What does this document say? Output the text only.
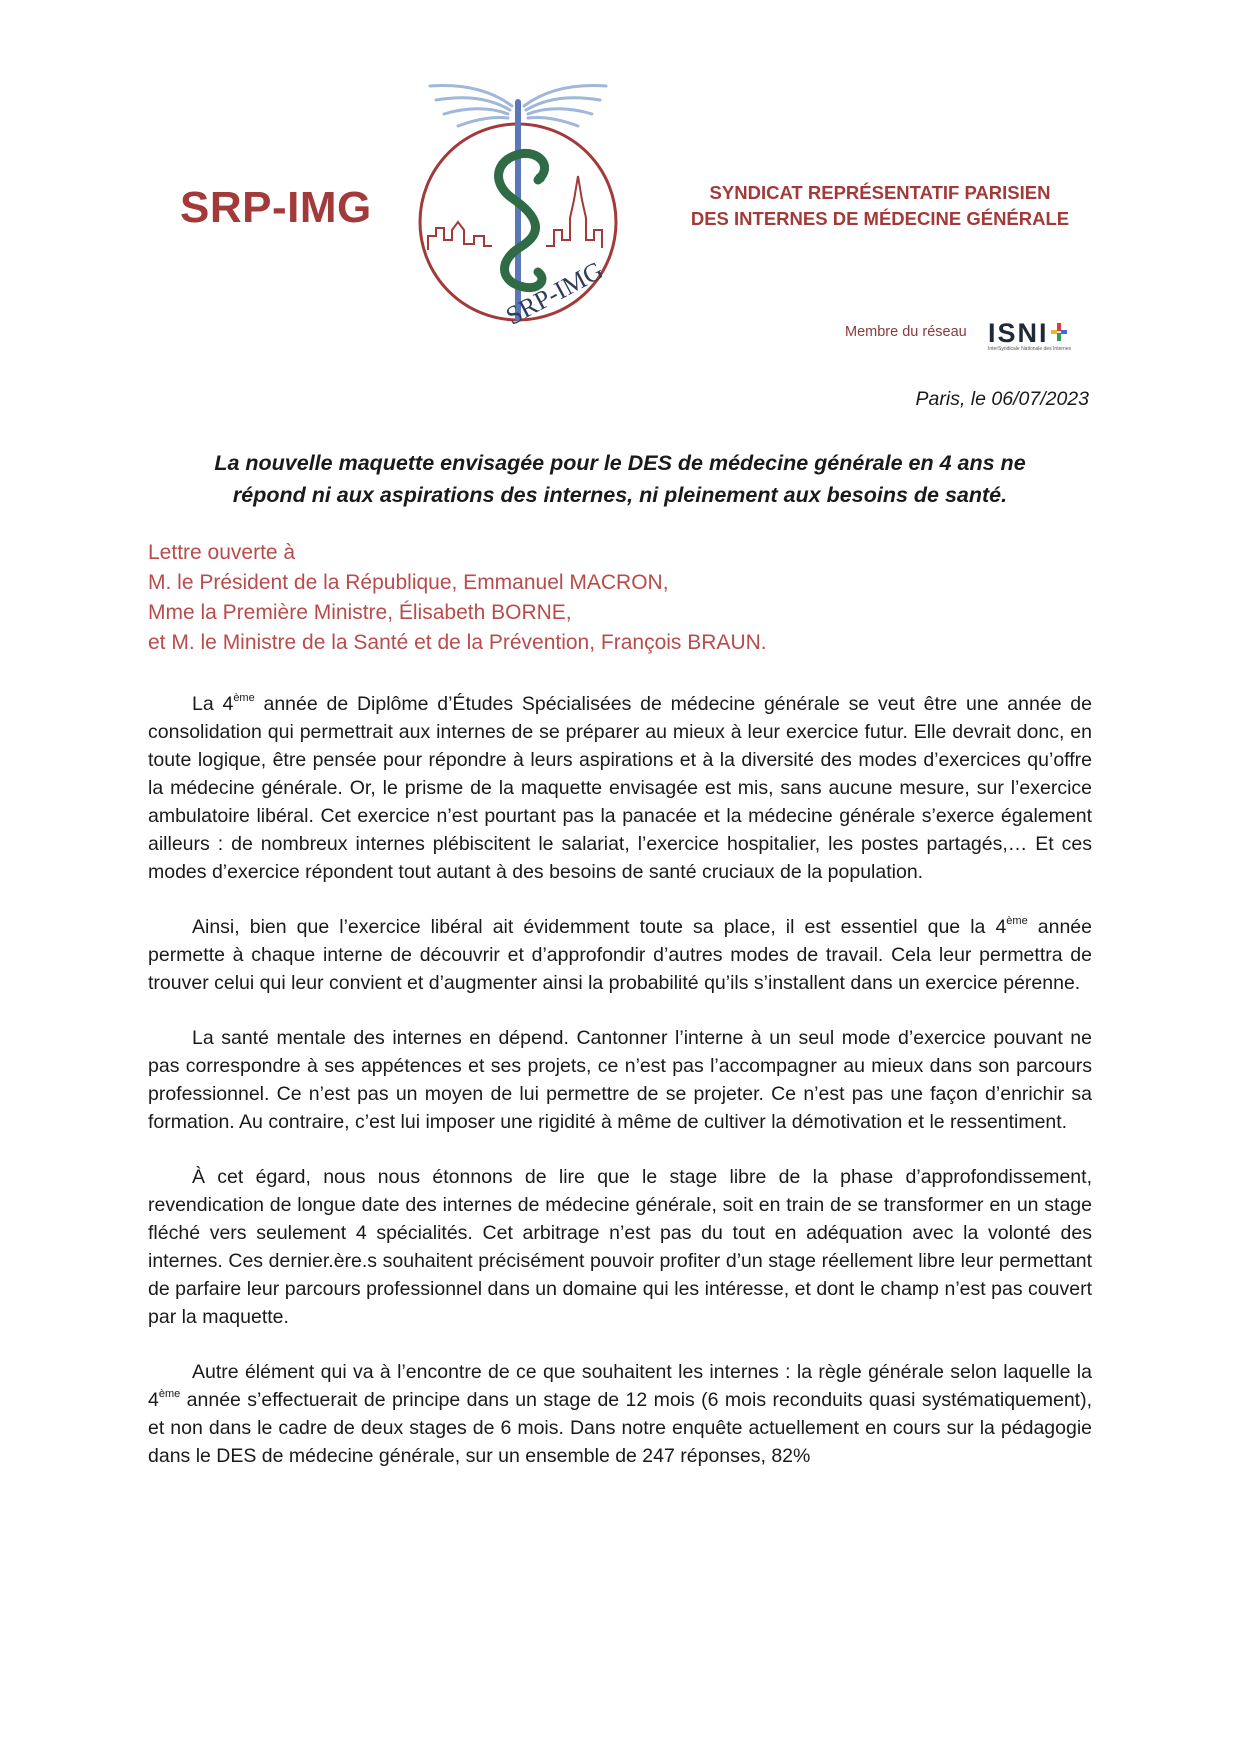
SRP-IMG
SRP-IMG
SYNDICAT REPRÉSENTATIF PARISIEN
DES INTERNES DE MÉDECINE GÉNÉRALE
Membre du réseau ISNI
InterSyndicale Nationale des Internes
Paris, le 06/07/2023
La nouvelle maquette envisagée pour le DES de médecine générale en 4 ans ne
répond ni aux aspirations des internes, ni pleinement aux besoins de santé.
Lettre ouverte à
M. le Président de la République, Emmanuel MACRON,
Mme la Première Ministre, Élisabeth BORNE,
et M. le Ministre de la Santé et de la Prévention, François BRAUN.

La 4ème année de Diplôme d’Études Spécialisées de médecine générale se veut être une année de consolidation qui permettrait aux internes de se préparer au mieux à leur exercice futur. Elle devrait donc, en toute logique, être pensée pour répondre à leurs aspirations et à la diversité des modes d’exercices qu’offre la médecine générale. Or, le prisme de la maquette envisagée est mis, sans aucune mesure, sur l’exercice ambulatoire libéral. Cet exercice n’est pourtant pas la panacée et la médecine générale s’exerce également ailleurs : de nombreux internes plébiscitent le salariat, l’exercice hospitalier, les postes partagés,… Et ces modes d’exercice répondent tout autant à des besoins de santé cruciaux de la population.

Ainsi, bien que l’exercice libéral ait évidemment toute sa place, il est essentiel que la 4ème année permette à chaque interne de découvrir et d’approfondir d’autres modes de travail. Cela leur permettra de trouver celui qui leur convient et d’augmenter ainsi la probabilité qu’ils s’installent dans un exercice pérenne.

La santé mentale des internes en dépend. Cantonner l’interne à un seul mode d’exercice pouvant ne pas correspondre à ses appétences et ses projets, ce n’est pas l’accompagner au mieux dans son parcours professionnel. Ce n’est pas un moyen de lui permettre de se projeter. Ce n’est pas une façon d’enrichir sa formation. Au contraire, c’est lui imposer une rigidité à même de cultiver la démotivation et le ressentiment.

À cet égard, nous nous étonnons de lire que le stage libre de la phase d’approfondissement, revendication de longue date des internes de médecine générale, soit en train de se transformer en un stage fléché vers seulement 4 spécialités. Cet arbitrage n’est pas du tout en adéquation avec la volonté des internes. Ces dernier.ère.s souhaitent précisément pouvoir profiter d’un stage réellement libre leur permettant de parfaire leur parcours professionnel dans un domaine qui les intéresse, et dont le champ n’est pas couvert par la maquette.

Autre élément qui va à l’encontre de ce que souhaitent les internes : la règle générale selon laquelle la 4ème année s’effectuerait de principe dans un stage de 12 mois (6 mois reconduits quasi systématiquement), et non dans le cadre de deux stages de 6 mois. Dans notre enquête actuellement en cours sur la pédagogie dans le DES de médecine générale, sur un ensemble de 247 réponses, 82%
